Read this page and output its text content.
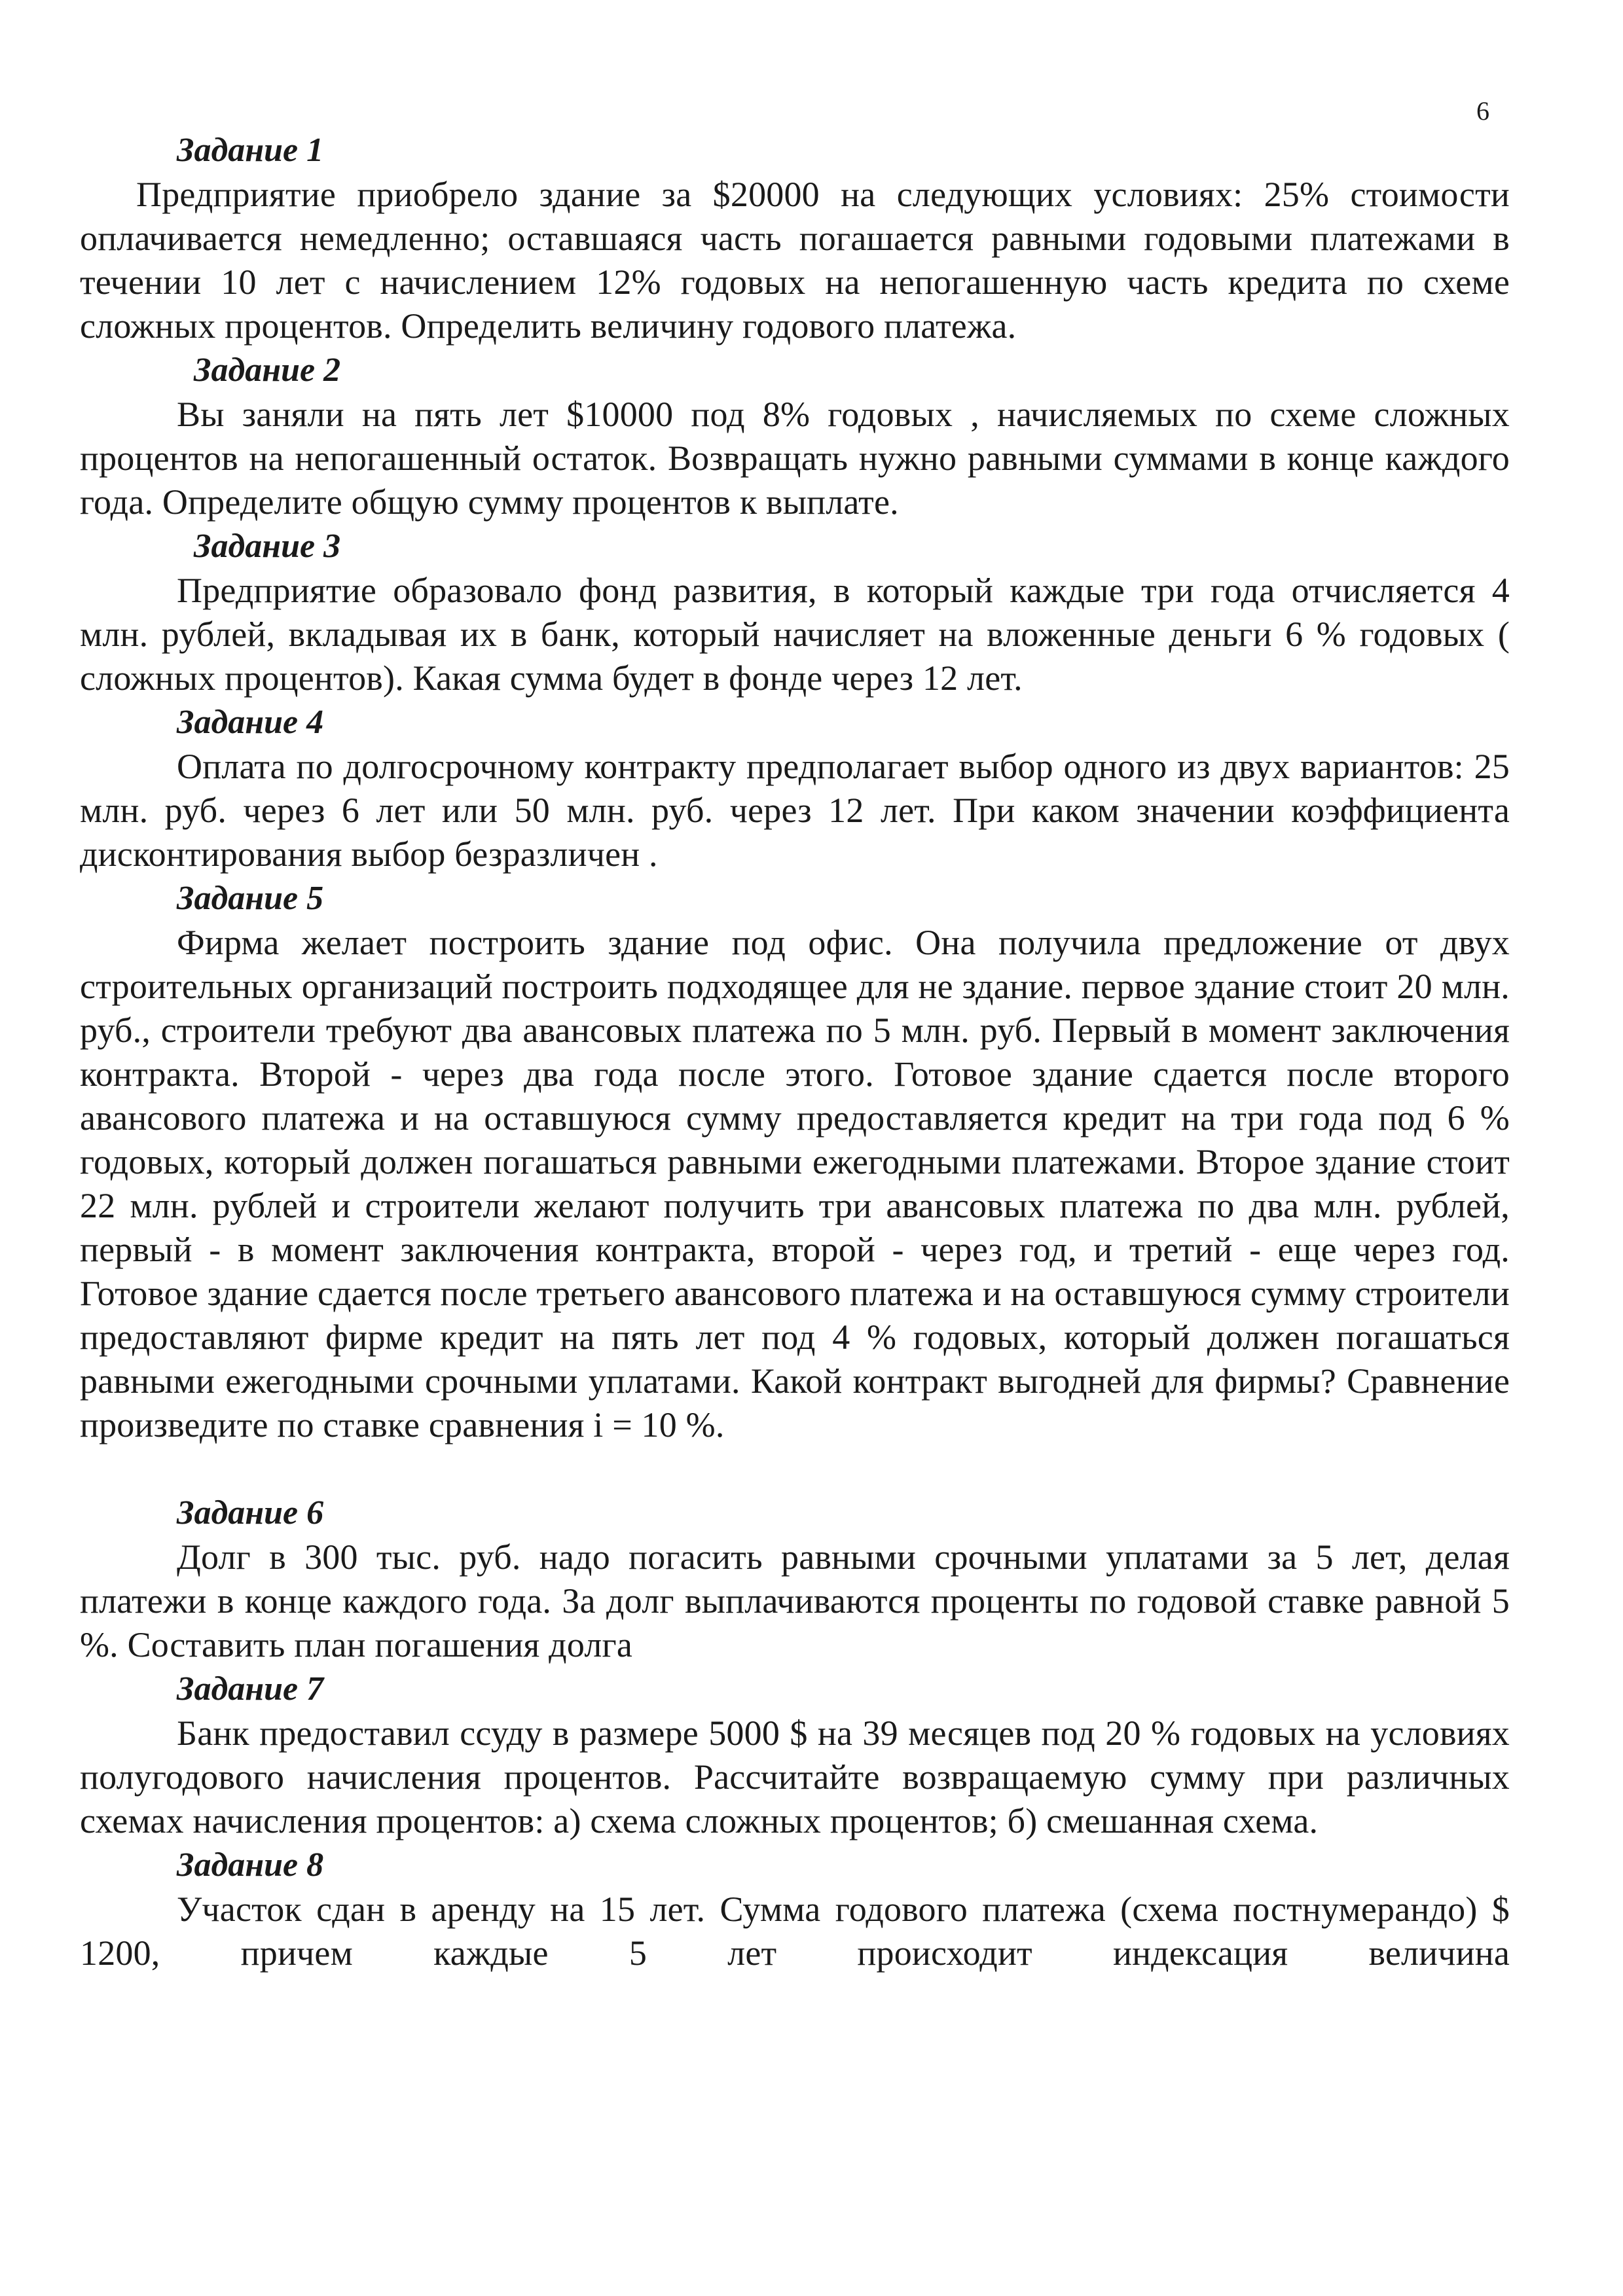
6
Задание 1

Предприятие приобрело здание за $20000 на следующих условиях: 25% стоимости оплачивается немедленно; оставшаяся часть погашается равными годовыми платежами в течении 10 лет с начислением 12% годовых на непогашенную часть кредита по схеме сложных процентов. Определить величину годового платежа.

Задание 2

Вы заняли на пять лет $10000 под 8% годовых , начисляемых по схеме сложных процентов на непогашенный остаток. Возвращать нужно равными суммами в конце каждого года. Определите общую сумму процентов к выплате.

Задание 3

Предприятие образовало фонд развития, в который каждые три года отчисляется 4 млн. рублей, вкладывая их в банк, который начисляет на вложенные деньги 6 % годовых ( сложных процентов). Какая сумма будет в фонде через 12 лет.

Задание 4

Оплата по долгосрочному контракту предполагает выбор одного из двух вариантов: 25 млн. руб. через 6 лет или 50 млн. руб. через 12 лет. При каком значении коэффициента дисконтирования выбор безразличен .

Задание 5

Фирма желает построить здание под офис. Она получила предложение от двух строительных организаций построить подходящее для не здание. первое здание стоит 20 млн. руб., строители требуют два авансовых платежа по 5 млн. руб. Первый в момент заключения контракта. Второй - через два года после этого. Готовое здание сдается после второго авансового платежа и на оставшуюся сумму предоставляется кредит на три года под 6 % годовых, который должен погашаться равными ежегодными платежами. Второе здание стоит 22 млн. рублей и строители желают получить три авансовых платежа по два млн. рублей, первый - в момент заключения контракта, второй - через год, и третий - еще через год. Готовое здание сдается после третьего авансового платежа и на оставшуюся сумму строители предоставляют фирме кредит на пять лет под 4 % годовых, который должен погашаться равными ежегодными срочными уплатами. Какой контракт выгодней для фирмы? Сравнение произведите по ставке сравнения i = 10 %.

Задание 6

Долг в 300 тыс. руб. надо погасить равными срочными уплатами за 5 лет, делая платежи в конце каждого года. За долг выплачиваются проценты по годовой ставке равной 5 %. Составить план погашения долга

Задание 7

Банк предоставил ссуду в размере 5000 $ на 39 месяцев под 20 % годовых на условиях полугодового начисления процентов. Рассчитайте возвращаемую сумму при различных схемах начисления процентов: а) схема сложных процентов; б) смешанная схема.

Задание 8

Участок сдан в аренду на 15 лет. Сумма годового платежа (схема постнумерандо) $ 1200, причем каждые 5 лет происходит индексация величина
